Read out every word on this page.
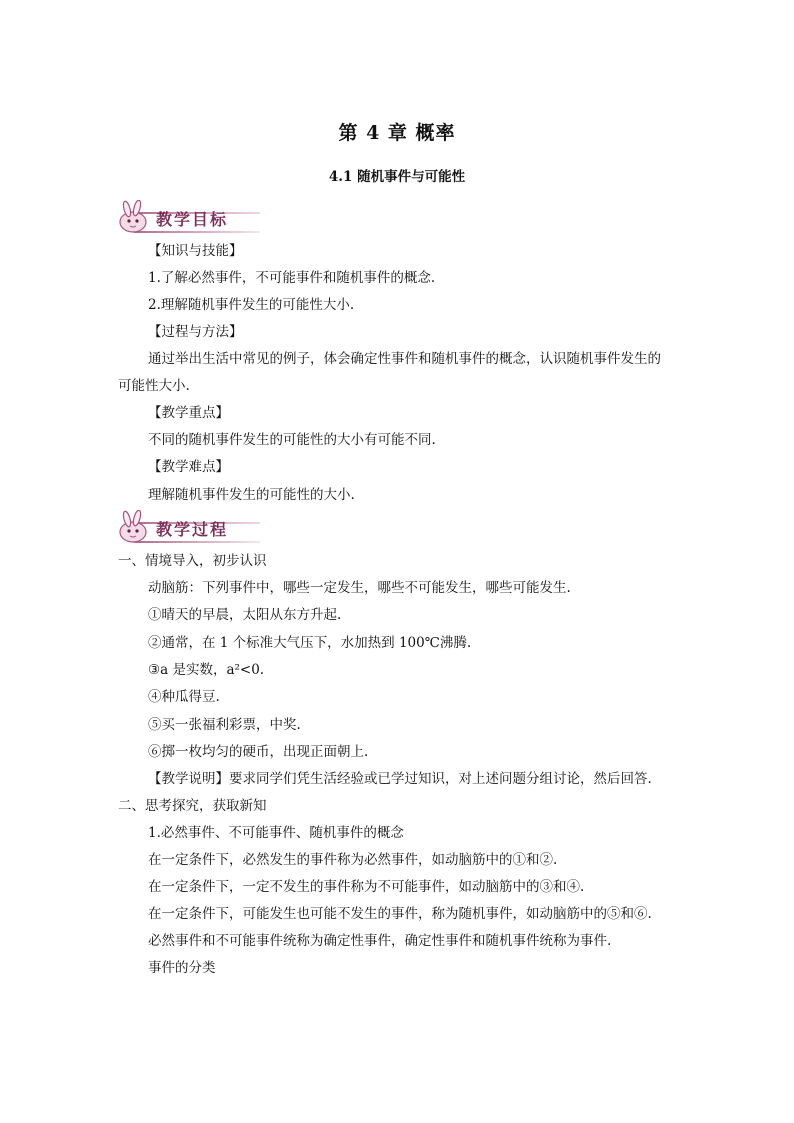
第 4 章 概率
4.1 随机事件与可能性
教学目标
【知识与技能】
1.了解必然事件，不可能事件和随机事件的概念.
2.理解随机事件发生的可能性大小.
【过程与方法】
通过举出生活中常见的例子，体会确定性事件和随机事件的概念，认识随机事件发生的
可能性大小.
【教学重点】
不同的随机事件发生的可能性的大小有可能不同.
【教学难点】
理解随机事件发生的可能性的大小.
教学过程
一、情境导入，初步认识
动脑筋：下列事件中，哪些一定发生，哪些不可能发生，哪些可能发生.
①晴天的早晨，太阳从东方升起.
②通常，在 1 个标准大气压下，水加热到 100℃沸腾.
③a 是实数，a²<0.
④种瓜得豆.
⑤买一张福利彩票，中奖.
⑥掷一枚均匀的硬币，出现正面朝上.
【教学说明】要求同学们凭生活经验或已学过知识，对上述问题分组讨论，然后回答.
二、思考探究，获取新知
1.必然事件、不可能事件、随机事件的概念
在一定条件下，必然发生的事件称为必然事件，如动脑筋中的①和②.
在一定条件下，一定不发生的事件称为不可能事件，如动脑筋中的③和④.
在一定条件下，可能发生也可能不发生的事件，称为随机事件，如动脑筋中的⑤和⑥.
必然事件和不可能事件统称为确定性事件，确定性事件和随机事件统称为事件.
事件的分类
